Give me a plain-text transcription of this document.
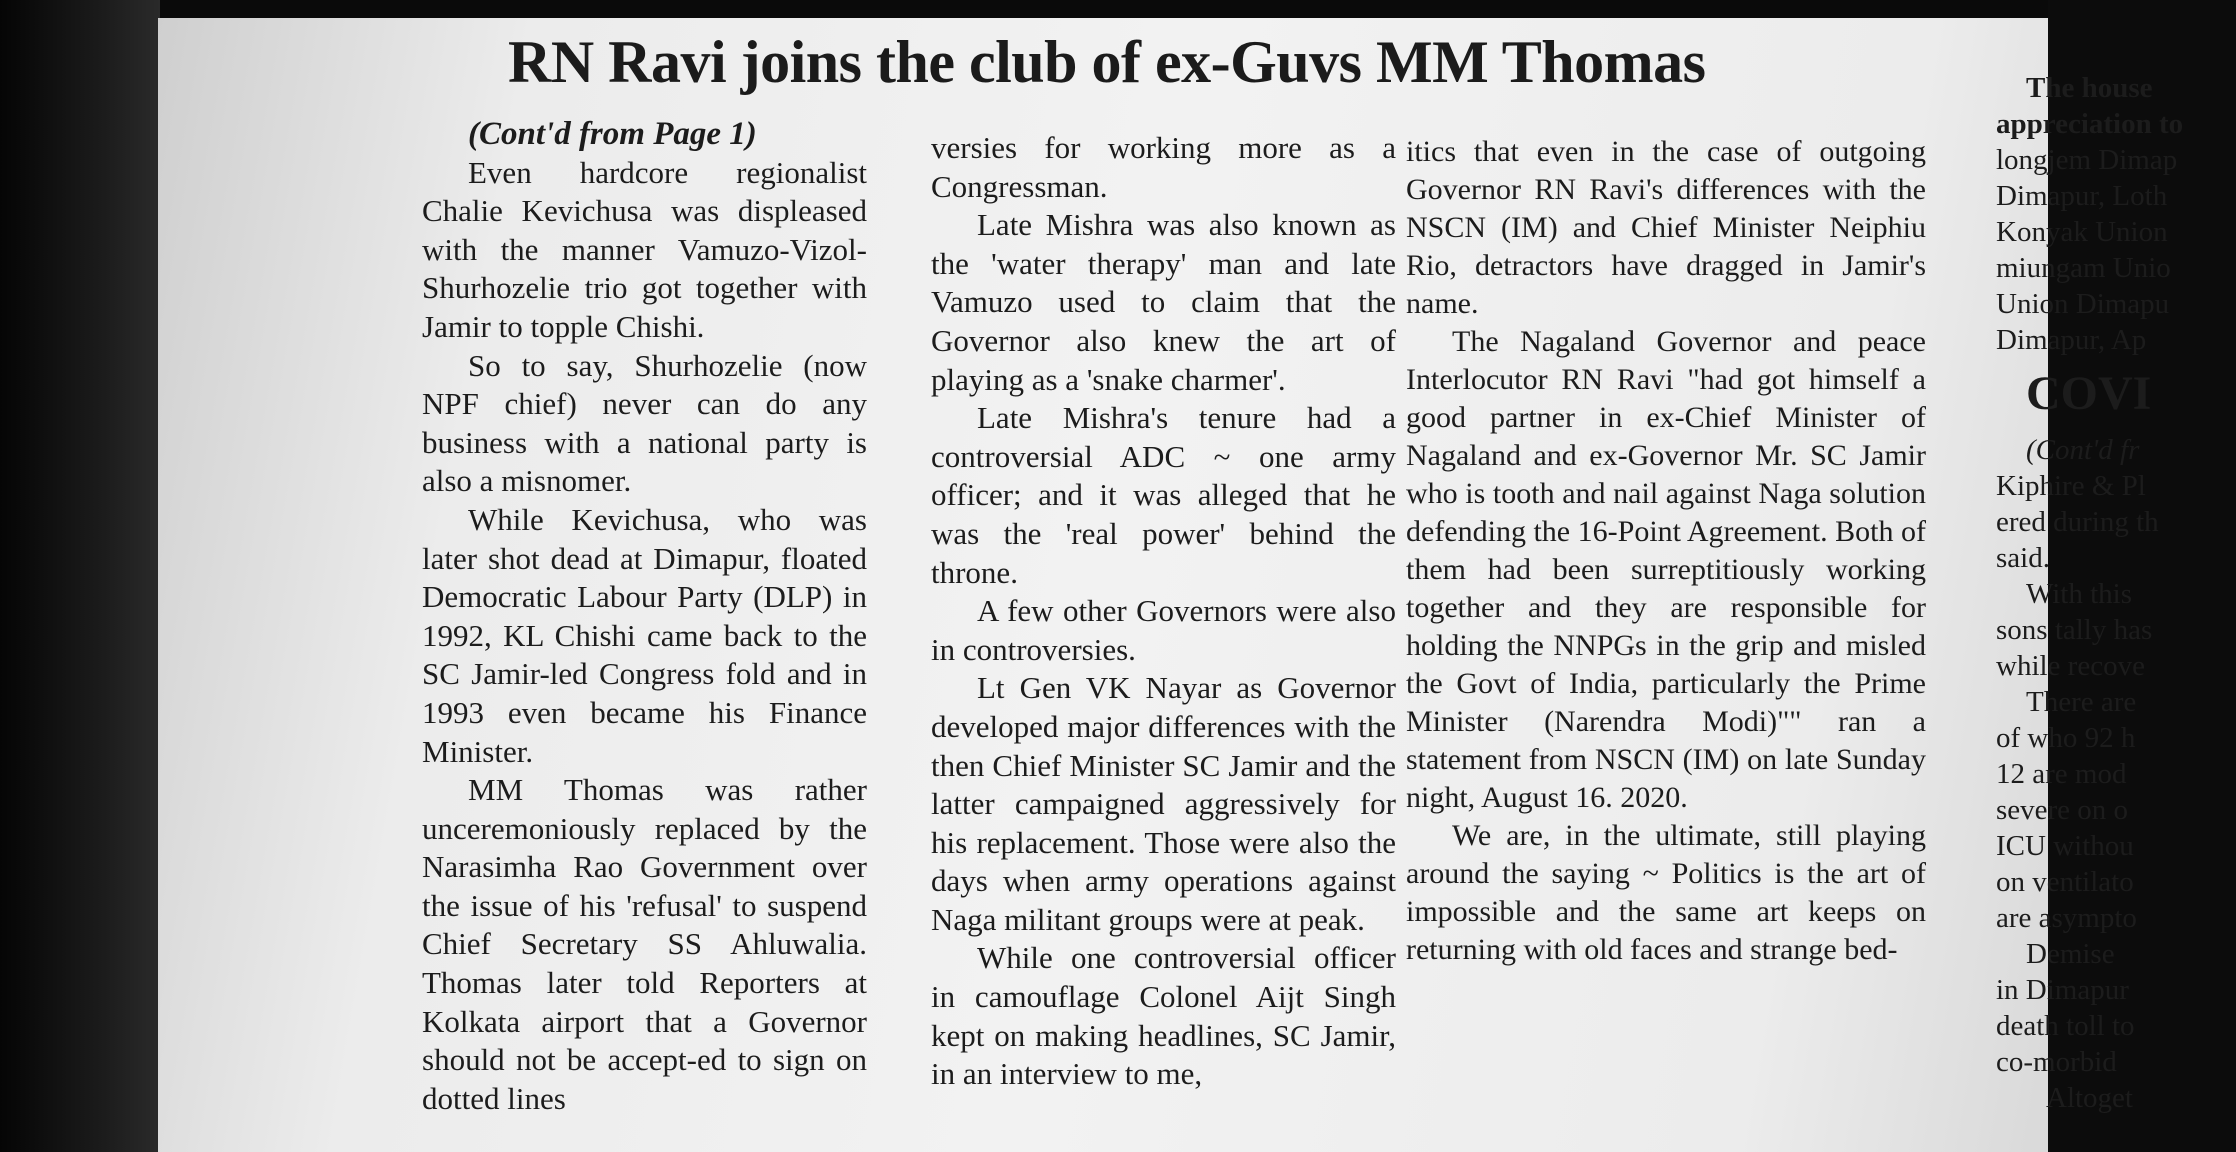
RN Ravi joins the club of ex-Guvs MM Thomas

(Cont'd from Page 1)

Even hardcore regionalist Chalie Kevichusa was displeased with the manner Vamuzo-Vizol-Shurhozelie trio got together with Jamir to topple Chishi.

So to say, Shurhozelie (now NPF chief) never can do any business with a national party is also a misnomer.

While Kevichusa, who was later shot dead at Dimapur, floated Democratic Labour Party (DLP) in 1992, KL Chishi came back to the SC Jamir-led Congress fold and in 1993 even became his Finance Minister.

MM Thomas was rather unceremoniously replaced by the Narasimha Rao Government over the issue of his 'refusal' to suspend Chief Secretary SS Ahluwalia. Thomas later told Reporters at Kolkata airport that a Governor should not be accept-ed to sign on dotted lines

versies for working more as a Congressman.

Late Mishra was also known as the 'water therapy' man and late Vamuzo used to claim that the Governor also knew the art of playing as a 'snake charmer'.

Late Mishra's tenure had a controversial ADC ~ one army officer; and it was alleged that he was the 'real power' behind the throne.

A few other Governors were also in controversies.

Lt Gen VK Nayar as Governor developed major differences with the then Chief Minister SC Jamir and the latter campaigned aggressively for his replacement. Those were also the days when army operations against Naga militant groups were at peak.

While one controversial officer in camouflage Colonel Aijt Singh kept on making headlines, SC Jamir, in an interview to me,

itics that even in the case of outgoing Governor RN Ravi's differences with the NSCN (IM) and Chief Minister Neiphiu Rio, detractors have dragged in Jamir's name.

The Nagaland Governor and peace Interlocutor RN Ravi "had got himself a good partner in ex-Chief Minister of Nagaland and ex-Governor Mr. SC Jamir who is tooth and nail against Naga solution defending the 16-Point Agreement. Both of them had been surreptitiously working together and they are responsible for holding the NNPGs in the grip and misled the Govt of India, particularly the Prime Minister (Narendra Modi)"" ran a statement from NSCN (IM) on late Sunday night, August 16. 2020.

We are, in the ultimate, still playing around the saying ~ Politics is the art of impossible and the same art keeps on returning with old faces and strange bed-

The house

appreciation to

longjem Dimap

Dimapur, Loth

Konyak Union

miungam Unio

Union Dimapu

Dimapur, Ap

COVI

(Cont'd fr

Kiphire & Pl

ered during th

said.

With this

sons tally has

while recove

There are

of who 92 h

12 are mod

severe on o

ICU withou

on ventilato

are asympto

Demise

in Dimapur

death toll to

co-morbid

Altoget
